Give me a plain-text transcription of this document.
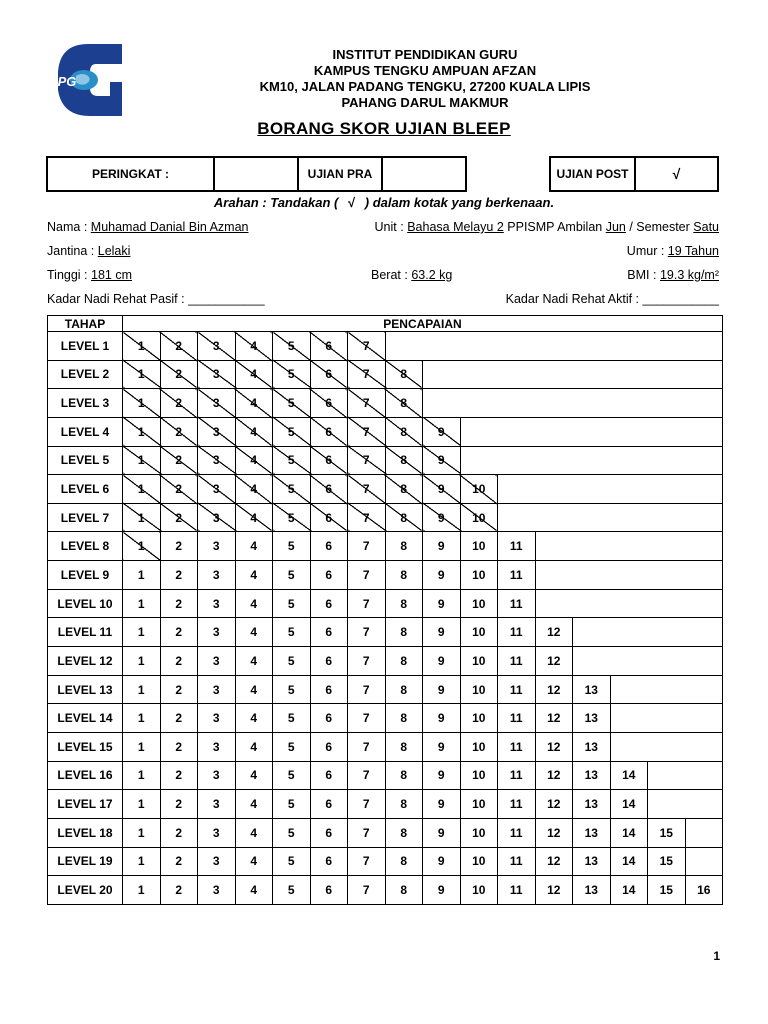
IPG
INSTITUT PENDIDIKAN GURU
KAMPUS TENGKU AMPUAN AFZAN
KM10, JALAN PADANG TENGKU, 27200 KUALA LIPIS
PAHANG DARUL MAKMUR
BORANG SKOR UJIAN BLEEP
PERINGKAT :	UJIAN PRA	UJIAN POST	√
Arahan : Tandakan ( √ ) dalam kotak yang berkenaan.
Nama : Muhamad Danial Bin Azman	Unit : Bahasa Melayu 2 PPISMP Ambilan Jun / Semester Satu
Jantina : Lelaki	Umur : 19 Tahun
Tinggi : 181 cm	Berat : 63.2 kg	BMI : 19.3 kg/m²
Kadar Nadi Rehat Pasif : ___________	Kadar Nadi Rehat Aktif : ___________
TAHAP	PENCAPAIAN															
LEVEL 1	1	2	3	4	5	6	7									
LEVEL 2	1	2	3	4	5	6	7	8								
LEVEL 3	1	2	3	4	5	6	7	8								
LEVEL 4	1	2	3	4	5	6	7	8	9							
LEVEL 5	1	2	3	4	5	6	7	8	9							
LEVEL 6	1	2	3	4	5	6	7	8	9	10						
LEVEL 7	1	2	3	4	5	6	7	8	9	10						
LEVEL 8	1	2	3	4	5	6	7	8	9	10	11					
LEVEL 9	1	2	3	4	5	6	7	8	9	10	11					
LEVEL 10	1	2	3	4	5	6	7	8	9	10	11					
LEVEL 11	1	2	3	4	5	6	7	8	9	10	11	12				
LEVEL 12	1	2	3	4	5	6	7	8	9	10	11	12				
LEVEL 13	1	2	3	4	5	6	7	8	9	10	11	12	13			
LEVEL 14	1	2	3	4	5	6	7	8	9	10	11	12	13			
LEVEL 15	1	2	3	4	5	6	7	8	9	10	11	12	13			
LEVEL 16	1	2	3	4	5	6	7	8	9	10	11	12	13	14		
LEVEL 17	1	2	3	4	5	6	7	8	9	10	11	12	13	14		
LEVEL 18	1	2	3	4	5	6	7	8	9	10	11	12	13	14	15	
LEVEL 19	1	2	3	4	5	6	7	8	9	10	11	12	13	14	15	
LEVEL 20	1	2	3	4	5	6	7	8	9	10	11	12	13	14	15	16
1
